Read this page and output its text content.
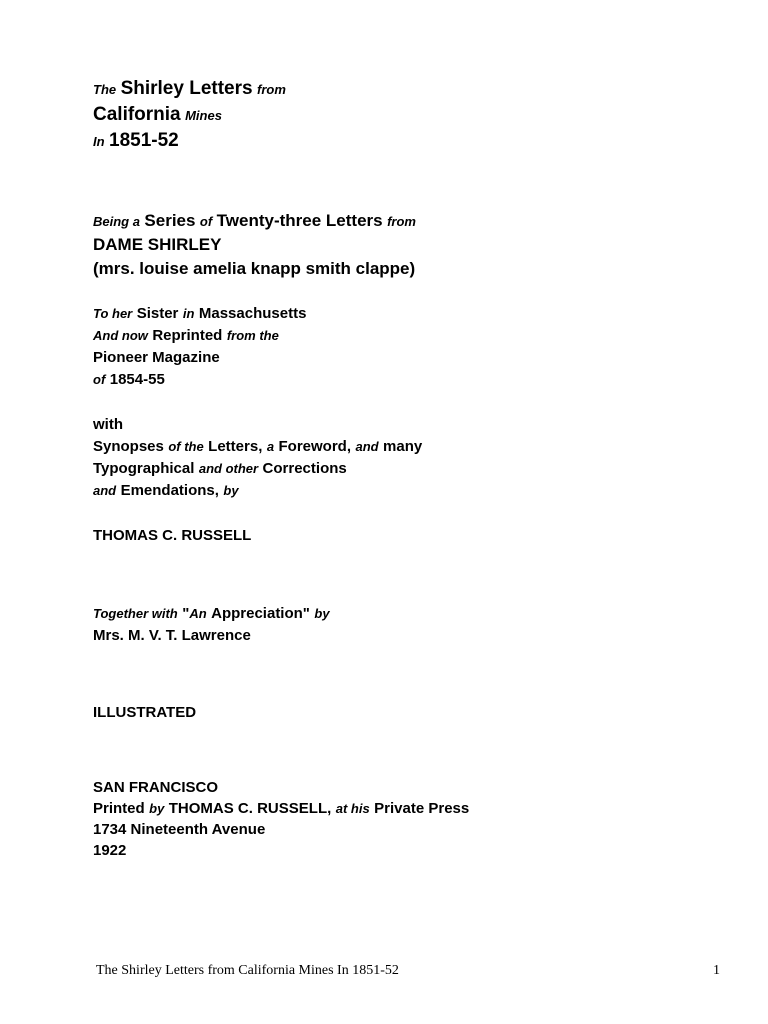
The Shirley Letters from
California Mines
In 1851-52
Being a Series of Twenty-three Letters from
DAME SHIRLEY
(mrs. louise amelia knapp smith clappe)
To her Sister in Massachusetts
And now Reprinted from the
Pioneer Magazine
of 1854-55
with
Synopses of the Letters, a Foreword, and many
Typographical and other Corrections
and Emendations, by
THOMAS C. RUSSELL
Together with "An Appreciation" by
Mrs. M. V. T. Lawrence
ILLUSTRATED
SAN FRANCISCO
Printed by THOMAS C. RUSSELL, at his Private Press
1734 Nineteenth Avenue
1922
The Shirley Letters from California Mines In 1851-52	1
